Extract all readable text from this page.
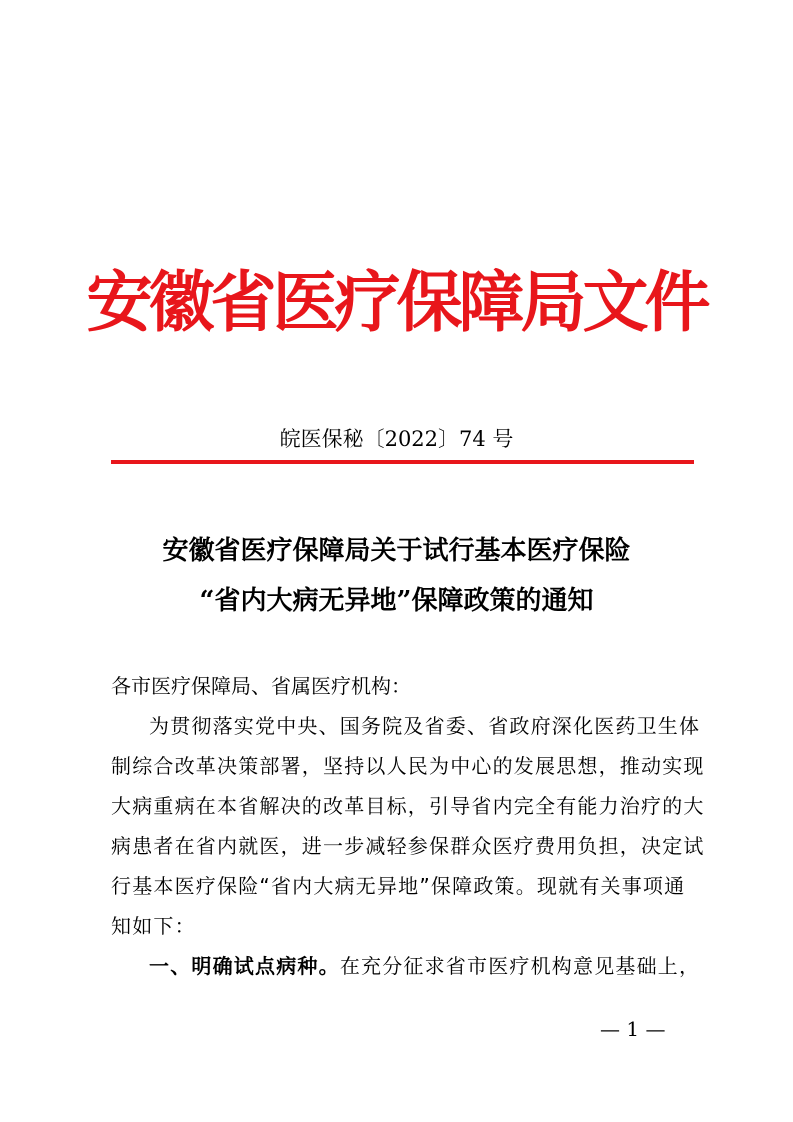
安徽省医疗保障局文件
皖医保秘〔2022〕74 号
安徽省医疗保障局关于试行基本医疗保险
“省内大病无异地”保障政策的通知
各市医疗保障局、省属医疗机构：
为贯彻落实党中央、国务院及省委、省政府深化医药卫生体
制综合改革决策部署，坚持以人民为中心的发展思想，推动实现
大病重病在本省解决的改革目标，引导省内完全有能力治疗的大
病患者在省内就医，进一步减轻参保群众医疗费用负担，决定试
行基本医疗保险“省内大病无异地”保障政策。现就有关事项通
知如下：
一、明确试点病种。在充分征求省市医疗机构意见基础上，
— 1 —
